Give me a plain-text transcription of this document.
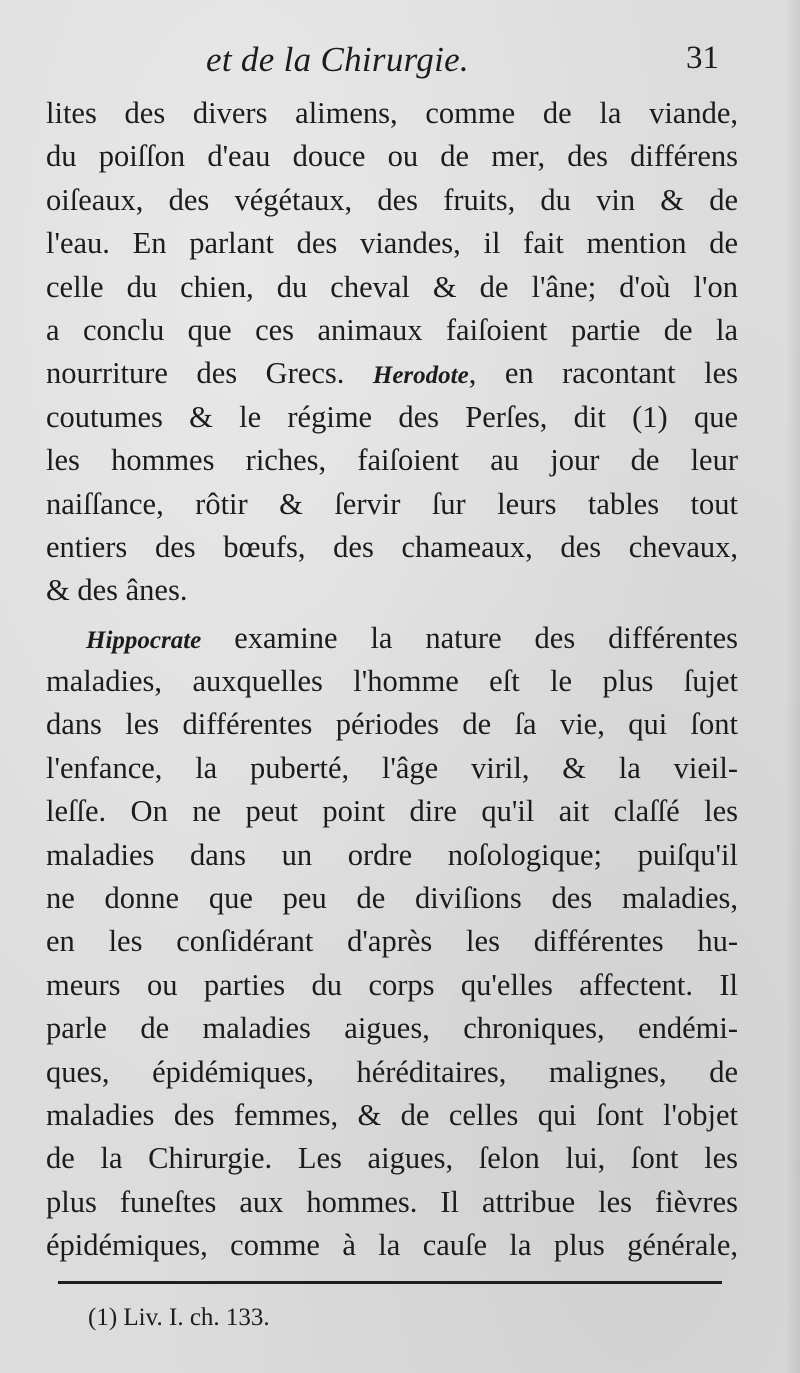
et de la Chirurgie.	31
lites des divers alimens, comme de la viande,
du poiſſon d'eau douce ou de mer, des différens
oiſeaux, des végétaux, des fruits, du vin & de
l'eau. En parlant des viandes, il fait mention de
celle du chien, du cheval & de l'âne; d'où l'on
a conclu que ces animaux faiſoient partie de la
nourriture des Grecs. Herodote, en racontant les
coutumes & le régime des Perſes, dit (1) que
les hommes riches, faiſoient au jour de leur
naiſſance, rôtir & ſervir ſur leurs tables tout
entiers des bœufs, des chameaux, des chevaux,
& des ânes.
Hippocrate examine la nature des différentes
maladies, auxquelles l'homme eſt le plus ſujet
dans les différentes périodes de ſa vie, qui ſont
l'enfance, la puberté, l'âge viril, & la vieil-
leſſe. On ne peut point dire qu'il ait claſſé les
maladies dans un ordre noſologique; puiſqu'il
ne donne que peu de diviſions des maladies,
en les conſidérant d'après les différentes hu-
meurs ou parties du corps qu'elles affectent. Il
parle de maladies aigues, chroniques, endémi-
ques, épidémiques, héréditaires, malignes, de
maladies des femmes, & de celles qui ſont l'objet
de la Chirurgie. Les aigues, ſelon lui, ſont les
plus funeſtes aux hommes. Il attribue les fièvres
épidémiques, comme à la cauſe la plus générale,
(1) Liv. I. ch. 133.
